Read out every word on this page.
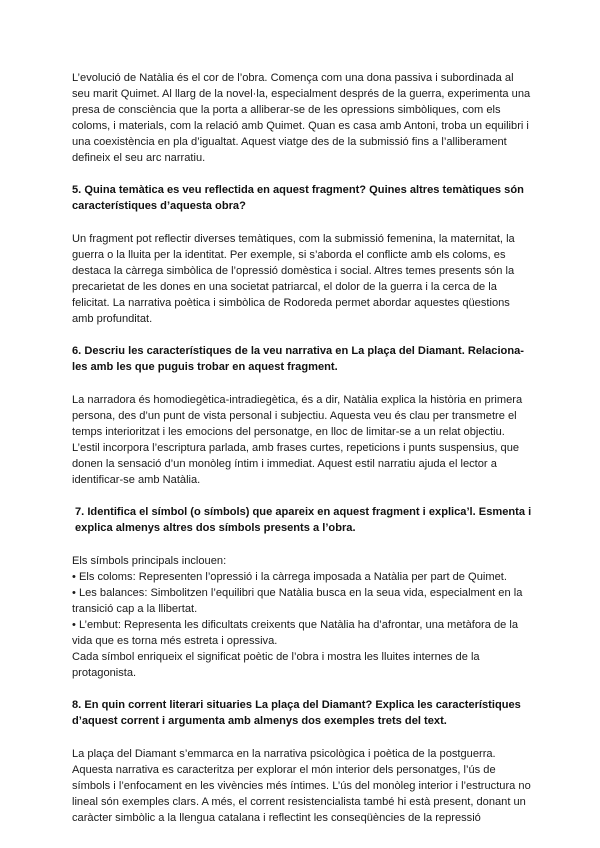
L’evolució de Natàlia és el cor de l’obra. Comença com una dona passiva i subordinada al seu marit Quimet. Al llarg de la novel·la, especialment després de la guerra, experimenta una presa de consciència que la porta a alliberar-se de les opressions simbòliques, com els coloms, i materials, com la relació amb Quimet. Quan es casa amb Antoni, troba un equilibri i una coexistència en pla d’igualtat. Aquest viatge des de la submissió fins a l’alliberament defineix el seu arc narratiu.

5. Quina temàtica es veu reflectida en aquest fragment? Quines altres temàtiques són característiques d’aquesta obra?

Un fragment pot reflectir diverses temàtiques, com la submissió femenina, la maternitat, la guerra o la lluita per la identitat. Per exemple, si s’aborda el conflicte amb els coloms, es destaca la càrrega simbòlica de l’opressió domèstica i social. Altres temes presents són la precarietat de les dones en una societat patriarcal, el dolor de la guerra i la cerca de la felicitat. La narrativa poètica i simbòlica de Rodoreda permet abordar aquestes qüestions amb profunditat.

6. Descriu les característiques de la veu narrativa en La plaça del Diamant. Relaciona-les amb les que puguis trobar en aquest fragment.

La narradora és homodiegètica-intradiegètica, és a dir, Natàlia explica la història en primera persona, des d’un punt de vista personal i subjectiu. Aquesta veu és clau per transmetre el temps interioritzat i les emocions del personatge, en lloc de limitar-se a un relat objectiu. L’estil incorpora l’escriptura parlada, amb frases curtes, repeticions i punts suspensius, que donen la sensació d’un monòleg íntim i immediat. Aquest estil narratiu ajuda el lector a identificar-se amb Natàlia.

7. Identifica el símbol (o símbols) que apareix en aquest fragment i explica’l. Esmenta i explica almenys altres dos símbols presents a l’obra.

Els símbols principals inclouen:
• Els coloms: Representen l’opressió i la càrrega imposada a Natàlia per part de Quimet.
• Les balances: Simbolitzen l’equilibri que Natàlia busca en la seua vida, especialment en la transició cap a la llibertat.
• L’embut: Representa les dificultats creixents que Natàlia ha d’afrontar, una metàfora de la vida que es torna més estreta i opressiva.
Cada símbol enriqueix el significat poètic de l’obra i mostra les lluites internes de la protagonista.

8. En quin corrent literari situaries La plaça del Diamant? Explica les característiques d’aquest corrent i argumenta amb almenys dos exemples trets del text.

La plaça del Diamant s’emmarca en la narrativa psicològica i poètica de la postguerra. Aquesta narrativa es caracteritza per explorar el món interior dels personatges, l’ús de símbols i l’enfocament en les vivències més íntimes. L’ús del monòleg interior i l’estructura no lineal són exemples clars. A més, el corrent resistencialista també hi està present, donant un caràcter simbòlic a la llengua catalana i reflectint les conseqüències de la repressió
